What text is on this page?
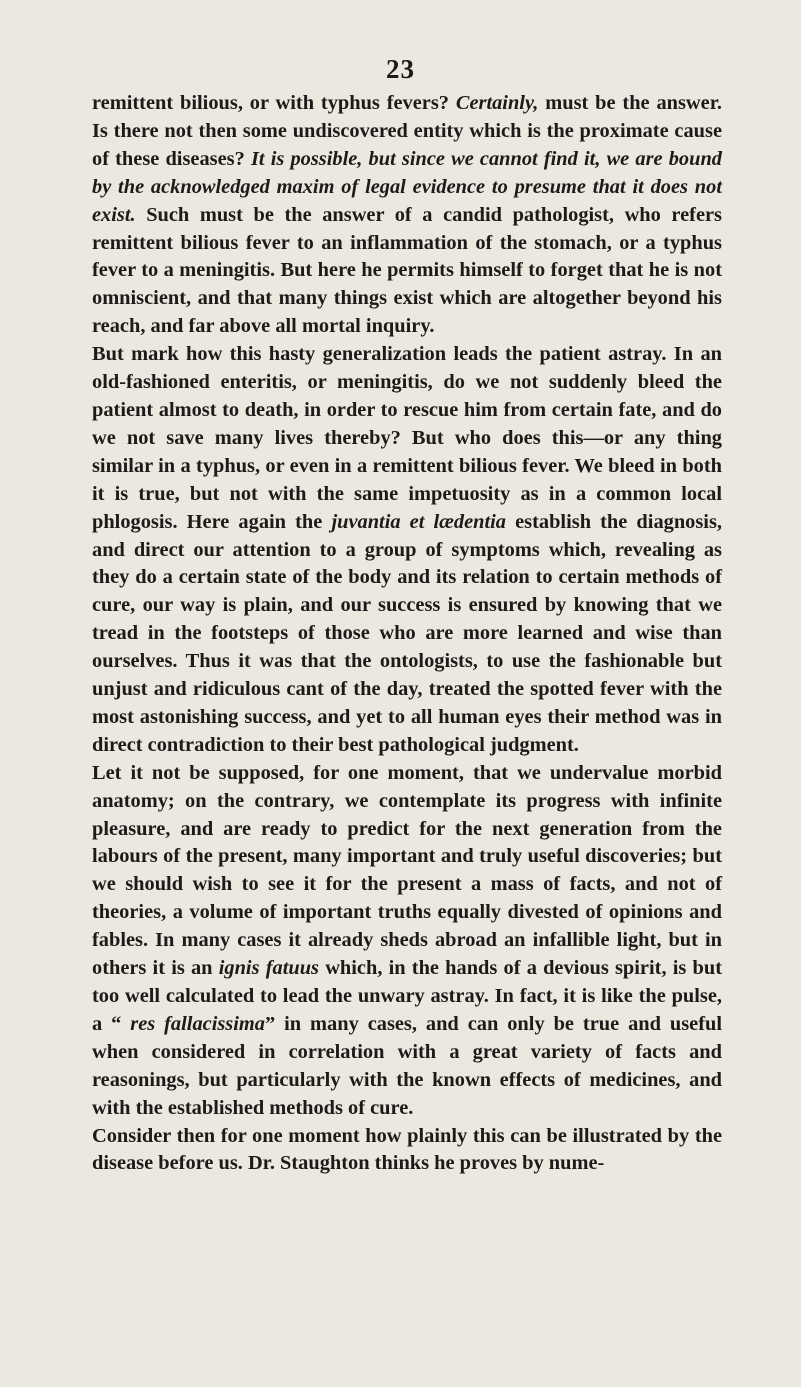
23

remittent bilious, or with typhus fevers? Certainly, must be the answer. Is there not then some undiscovered entity which is the proximate cause of these diseases? It is possible, but since we cannot find it, we are bound by the acknowledged maxim of legal evidence to presume that it does not exist. Such must be the answer of a candid pathologist, who refers remittent bilious fever to an inflammation of the stomach, or a typhus fever to a meningitis. But here he permits himself to forget that he is not omniscient, and that many things exist which are altogether beyond his reach, and far above all mortal inquiry.

But mark how this hasty generalization leads the patient astray. In an old-fashioned enteritis, or meningitis, do we not suddenly bleed the patient almost to death, in order to rescue him from certain fate, and do we not save many lives thereby? But who does this—or any thing similar in a typhus, or even in a remittent bilious fever. We bleed in both it is true, but not with the same impetuosity as in a common local phlogosis. Here again the juvantia et lædentia establish the diagnosis, and direct our attention to a group of symptoms which, revealing as they do a certain state of the body and its relation to certain methods of cure, our way is plain, and our success is ensured by knowing that we tread in the footsteps of those who are more learned and wise than ourselves. Thus it was that the ontologists, to use the fashionable but unjust and ridiculous cant of the day, treated the spotted fever with the most astonishing success, and yet to all human eyes their method was in direct contradiction to their best pathological judgment.

Let it not be supposed, for one moment, that we undervalue morbid anatomy; on the contrary, we contemplate its progress with infinite pleasure, and are ready to predict for the next generation from the labours of the present, many important and truly useful discoveries; but we should wish to see it for the present a mass of facts, and not of theories, a volume of important truths equally divested of opinions and fables. In many cases it already sheds abroad an infallible light, but in others it is an ignis fatuus which, in the hands of a devious spirit, is but too well calculated to lead the unwary astray. In fact, it is like the pulse, a “ res fallacissima” in many cases, and can only be true and useful when considered in correlation with a great variety of facts and reasonings, but particularly with the known effects of medicines, and with the established methods of cure.

Consider then for one moment how plainly this can be illustrated by the disease before us. Dr. Staughton thinks he proves by nume-
